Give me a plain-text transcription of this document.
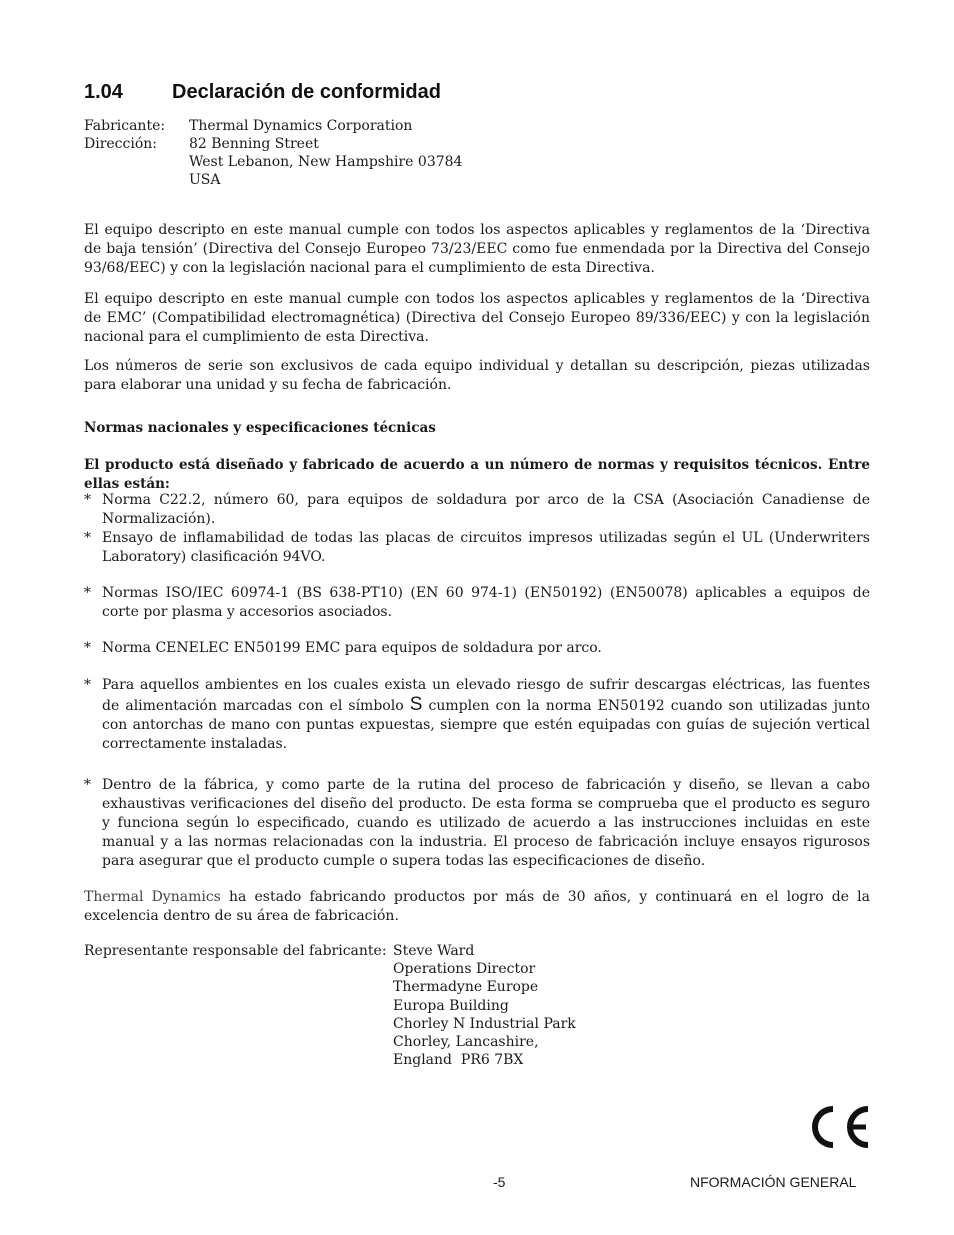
1.04 Declaración de conformidad
Fabricante:	Thermal Dynamics Corporation
Dirección:	82 Benning Street
West Lebanon, New Hampshire 03784
USA

El equipo descripto en este manual cumple con todos los aspectos aplicables y reglamentos de la ‘Directiva de baja tensión’ (Directiva del Consejo Europeo 73/23/EEC como fue enmendada por la Directiva del Consejo 93/68/EEC) y con la legislación nacional para el cumplimiento de esta Directiva.

El equipo descripto en este manual cumple con todos los aspectos aplicables y reglamentos de la ‘Directiva de EMC’ (Compatibilidad electromagnética) (Directiva del Consejo Europeo 89/336/EEC) y con la legislación nacional para el cumplimiento de esta Directiva.

Los números de serie son exclusivos de cada equipo individual y detallan su descripción, piezas utilizadas para elaborar una unidad y su fecha de fabricación.

Normas nacionales y especificaciones técnicas

El producto está diseñado y fabricado de acuerdo a un número de normas y requisitos técnicos. Entre ellas están:

* Norma C22.2, número 60, para equipos de soldadura por arco de la CSA (Asociación Canadiense de Normalización).
* Ensayo de inflamabilidad de todas las placas de circuitos impresos utilizadas según el UL (Underwriters Laboratory) clasificación 94VO.
* Normas ISO/IEC 60974-1 (BS 638-PT10) (EN 60 974-1) (EN50192) (EN50078) aplicables a equipos de corte por plasma y accesorios asociados.
* Norma CENELEC EN50199 EMC para equipos de soldadura por arco.
* Para aquellos ambientes en los cuales exista un elevado riesgo de sufrir descargas eléctricas, las fuentes de alimentación marcadas con el símbolo S cumplen con la norma EN50192 cuando son utilizadas junto con antorchas de mano con puntas expuestas, siempre que estén equipadas con guías de sujeción vertical correctamente instaladas.
* Dentro de la fábrica, y como parte de la rutina del proceso de fabricación y diseño, se llevan a cabo exhaustivas verificaciones del diseño del producto. De esta forma se comprueba que el producto es seguro y funciona según lo especificado, cuando es utilizado de acuerdo a las instrucciones incluidas en este manual y a las normas relacionadas con la industria. El proceso de fabricación incluye ensayos rigurosos para asegurar que el producto cumple o supera todas las especificaciones de diseño.

Thermal Dynamics ha estado fabricando productos por más de 30 años, y continuará en el logro de la excelencia dentro de su área de fabricación.

Representante responsable del fabricante: Steve Ward
Operations Director
Thermadyne Europe
Europa Building
Chorley N Industrial Park
Chorley, Lancashire,
England  PR6 7BX
-5	NFORMACIÓN GENERAL
